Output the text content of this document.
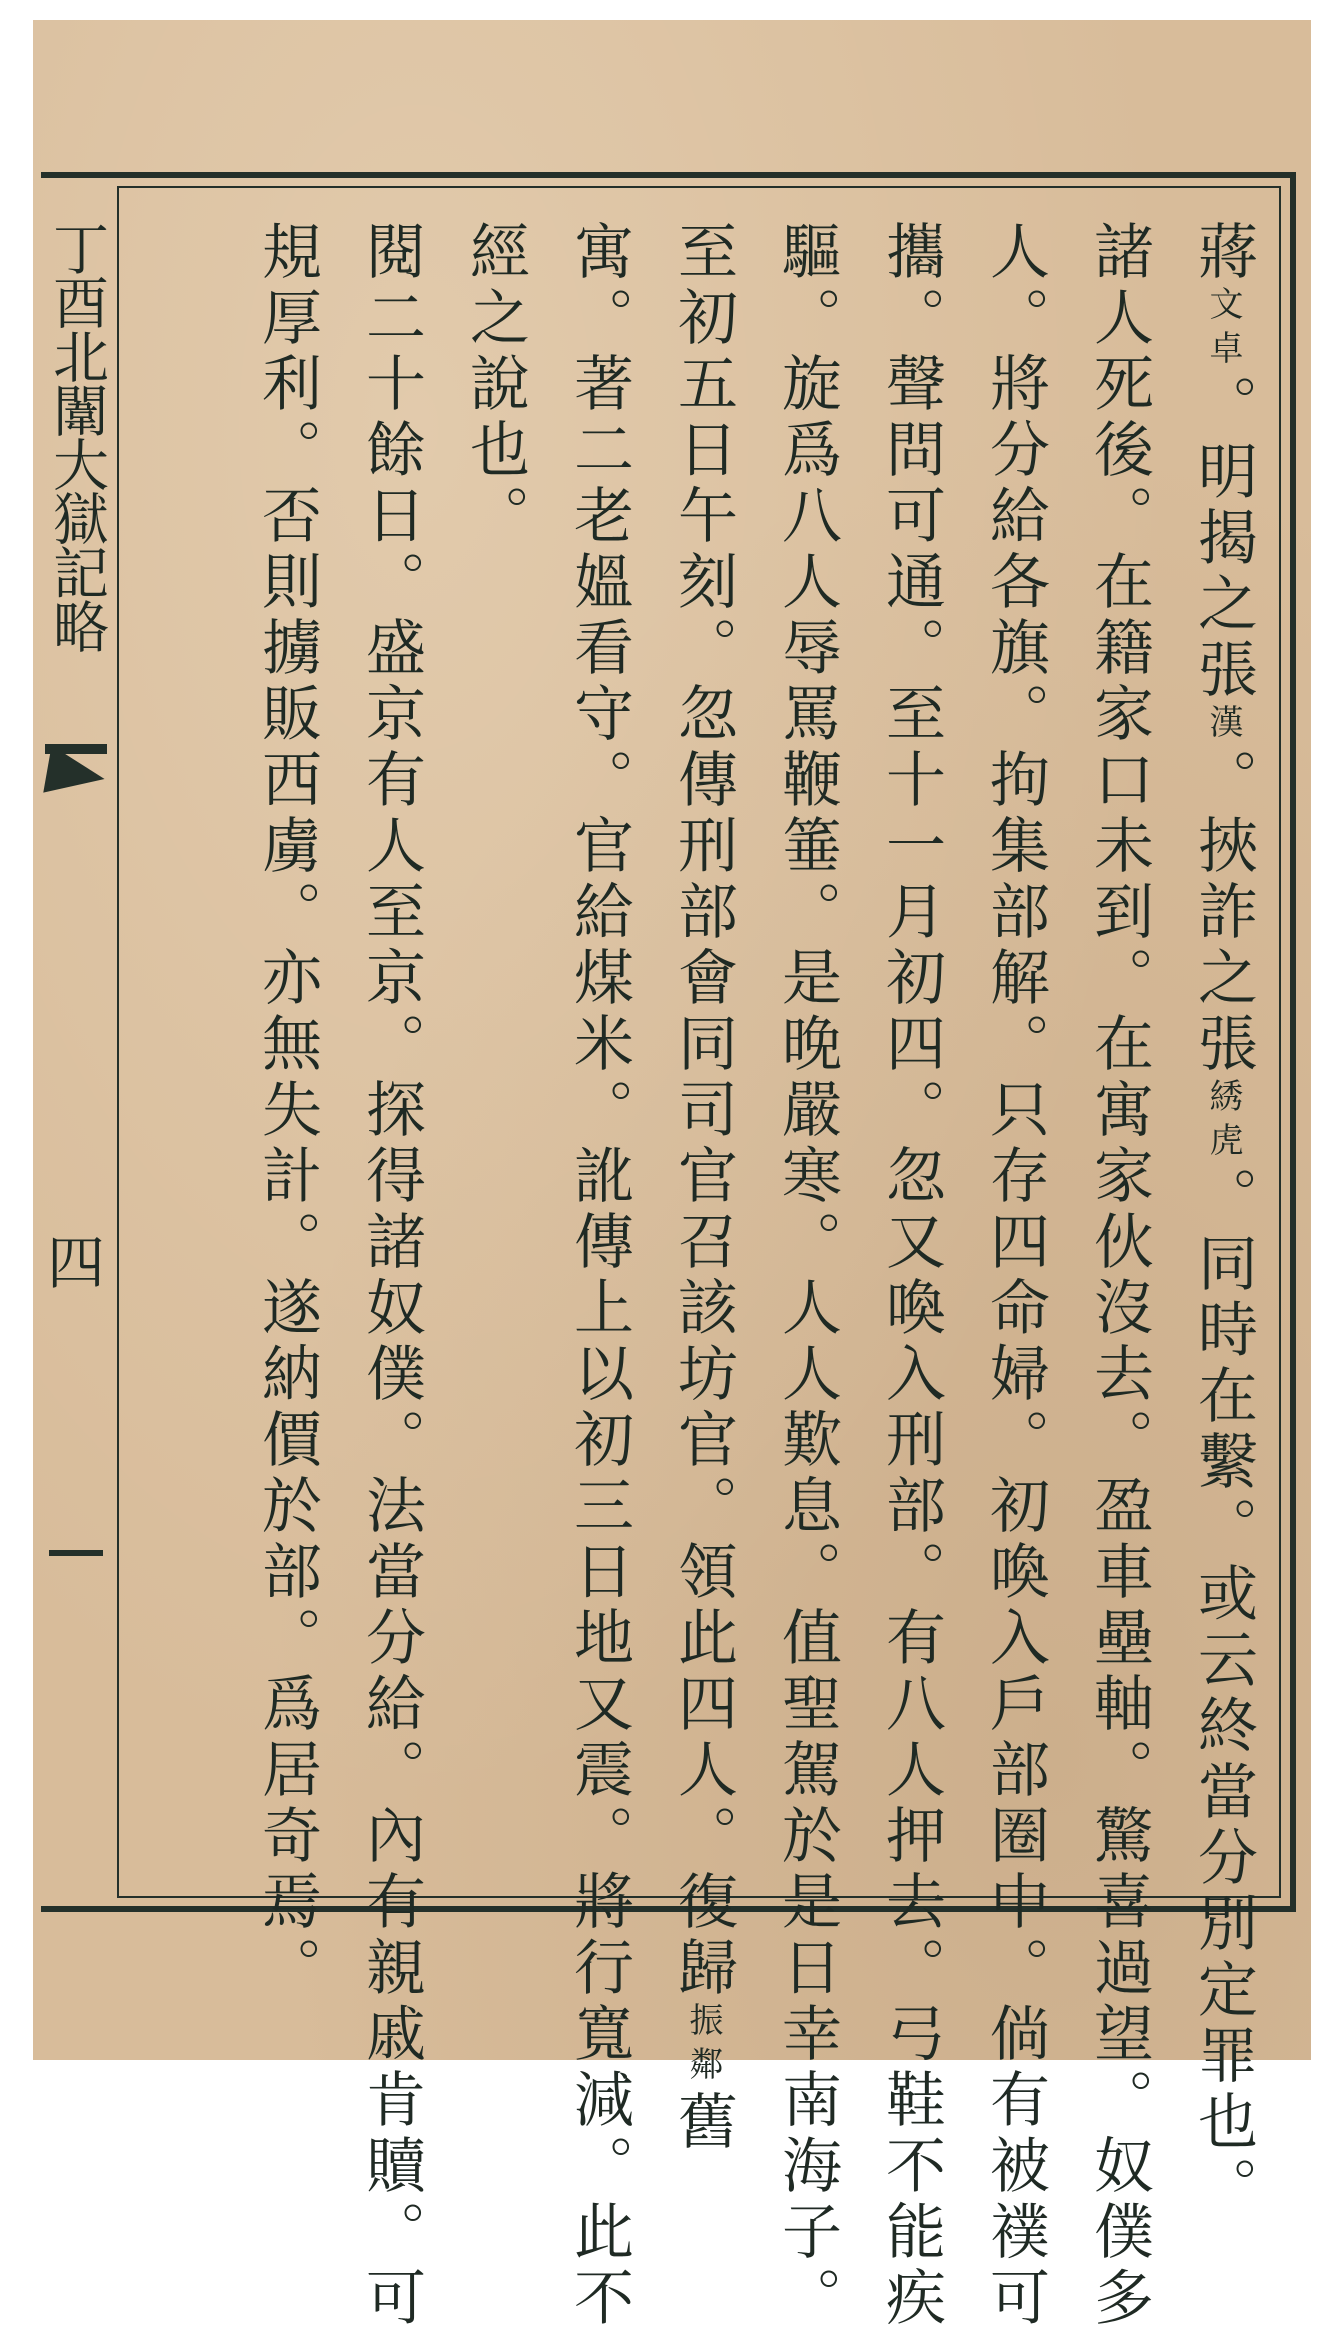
丁酉北闈大獄記略
四
蔣文卓。明揭之張漢。挾詐之張綉虎。同時在繫。或云終當分別定罪也。
諸人死後。在籍家口未到。在寓家伙沒去。盈車壘軸。驚喜過望。奴僕多
人。將分給各旗。拘集部解。只存四命婦。初喚入戶部圈中。倘有被襆可
攜。聲問可通。至十一月初四。忽又喚入刑部。有八人押去。弓鞋不能疾
驅。旋爲八人辱罵鞭箠。是晚嚴寒。人人歎息。值聖駕於是日幸南海子。
至初五日午刻。忽傳刑部會同司官召該坊官。領此四人。復歸振鄰舊
寓。著二老媼看守。官給煤米。訛傳上以初三日地又震。將行寬減。此不
經之說也。
閱二十餘日。盛京有人至京。探得諸奴僕。法當分給。內有親戚肯贖。可
規厚利。否則擄販西虜。亦無失計。遂納價於部。爲居奇焉。
